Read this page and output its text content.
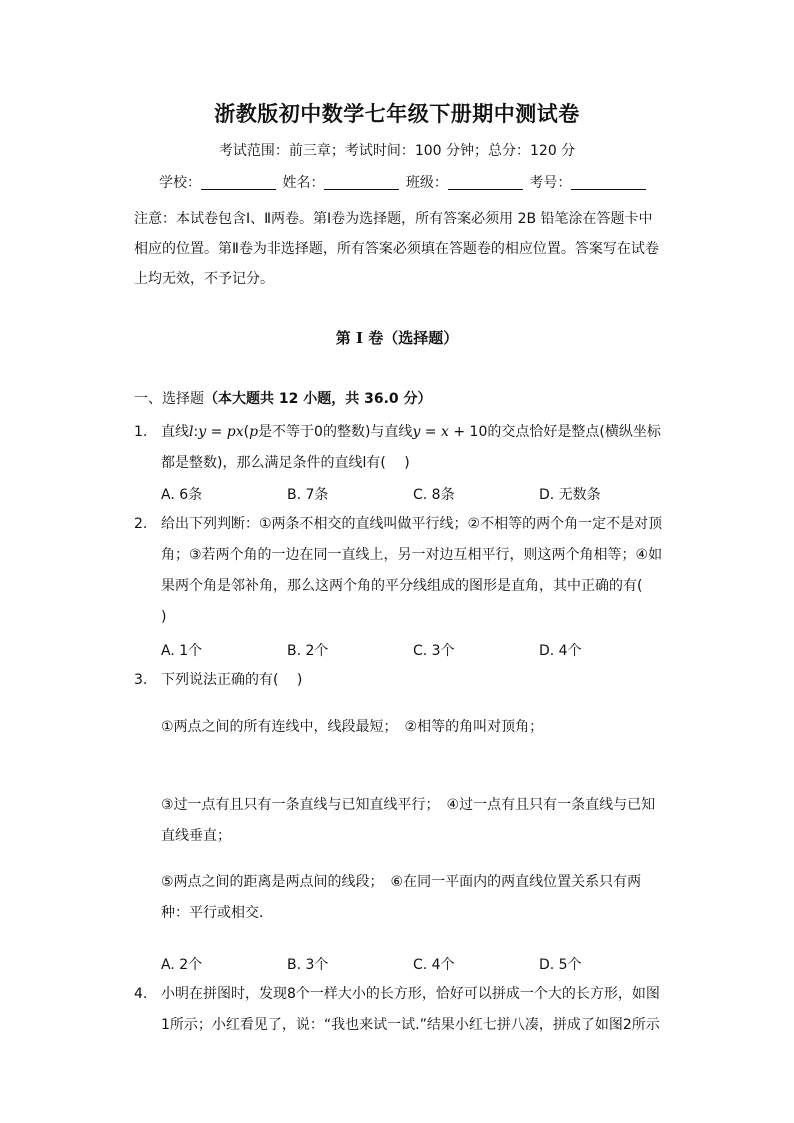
浙教版初中数学七年级下册期中测试卷
考试范围：前三章；考试时间：100 分钟；总分：120 分
学校：	姓名：	班级：	考号：
注意：本试卷包含Ⅰ、Ⅱ两卷。第Ⅰ卷为选择题，所有答案必须用 2B 铅笔涂在答题卡中相应的位置。第Ⅱ卷为非选择题，所有答案必须填在答题卷的相应位置。答案写在试卷上均无效，不予记分。
第 I 卷（选择题）
一、选择题（本大题共 12 小题，共 36.0 分）
1. 直线l:y = px(p是不等于0的整数)与直线y = x + 10的交点恰好是整点(横纵坐标都是整数)，那么满足条件的直线l有(　 )
A. 6条	B. 7条	C. 8条	D. 无数条
2. 给出下列判断：①两条不相交的直线叫做平行线；②不相等的两个角一定不是对顶角；③若两个角的一边在同一直线上，另一对边互相平行，则这两个角相等；④如果两个角是邻补角，那么这两个角的平分线组成的图形是直角，其中正确的有(　 )
A. 1个	B. 2个	C. 3个	D. 4个
3. 下列说法正确的有(　 )
①两点之间的所有连线中，线段最短；　②相等的角叫对顶角；
③过一点有且只有一条直线与已知直线平行；　④过一点有且只有一条直线与已知直线垂直；
⑤两点之间的距离是两点间的线段；　⑥在同一平面内的两直线位置关系只有两种：平行或相交．
A. 2个	B. 3个	C. 4个	D. 5个
4. 小明在拼图时，发现8个一样大小的长方形，恰好可以拼成一个大的长方形，如图1所示；小红看见了，说：“我也来试一试.”结果小红七拼八凑，拼成了如图2所示
